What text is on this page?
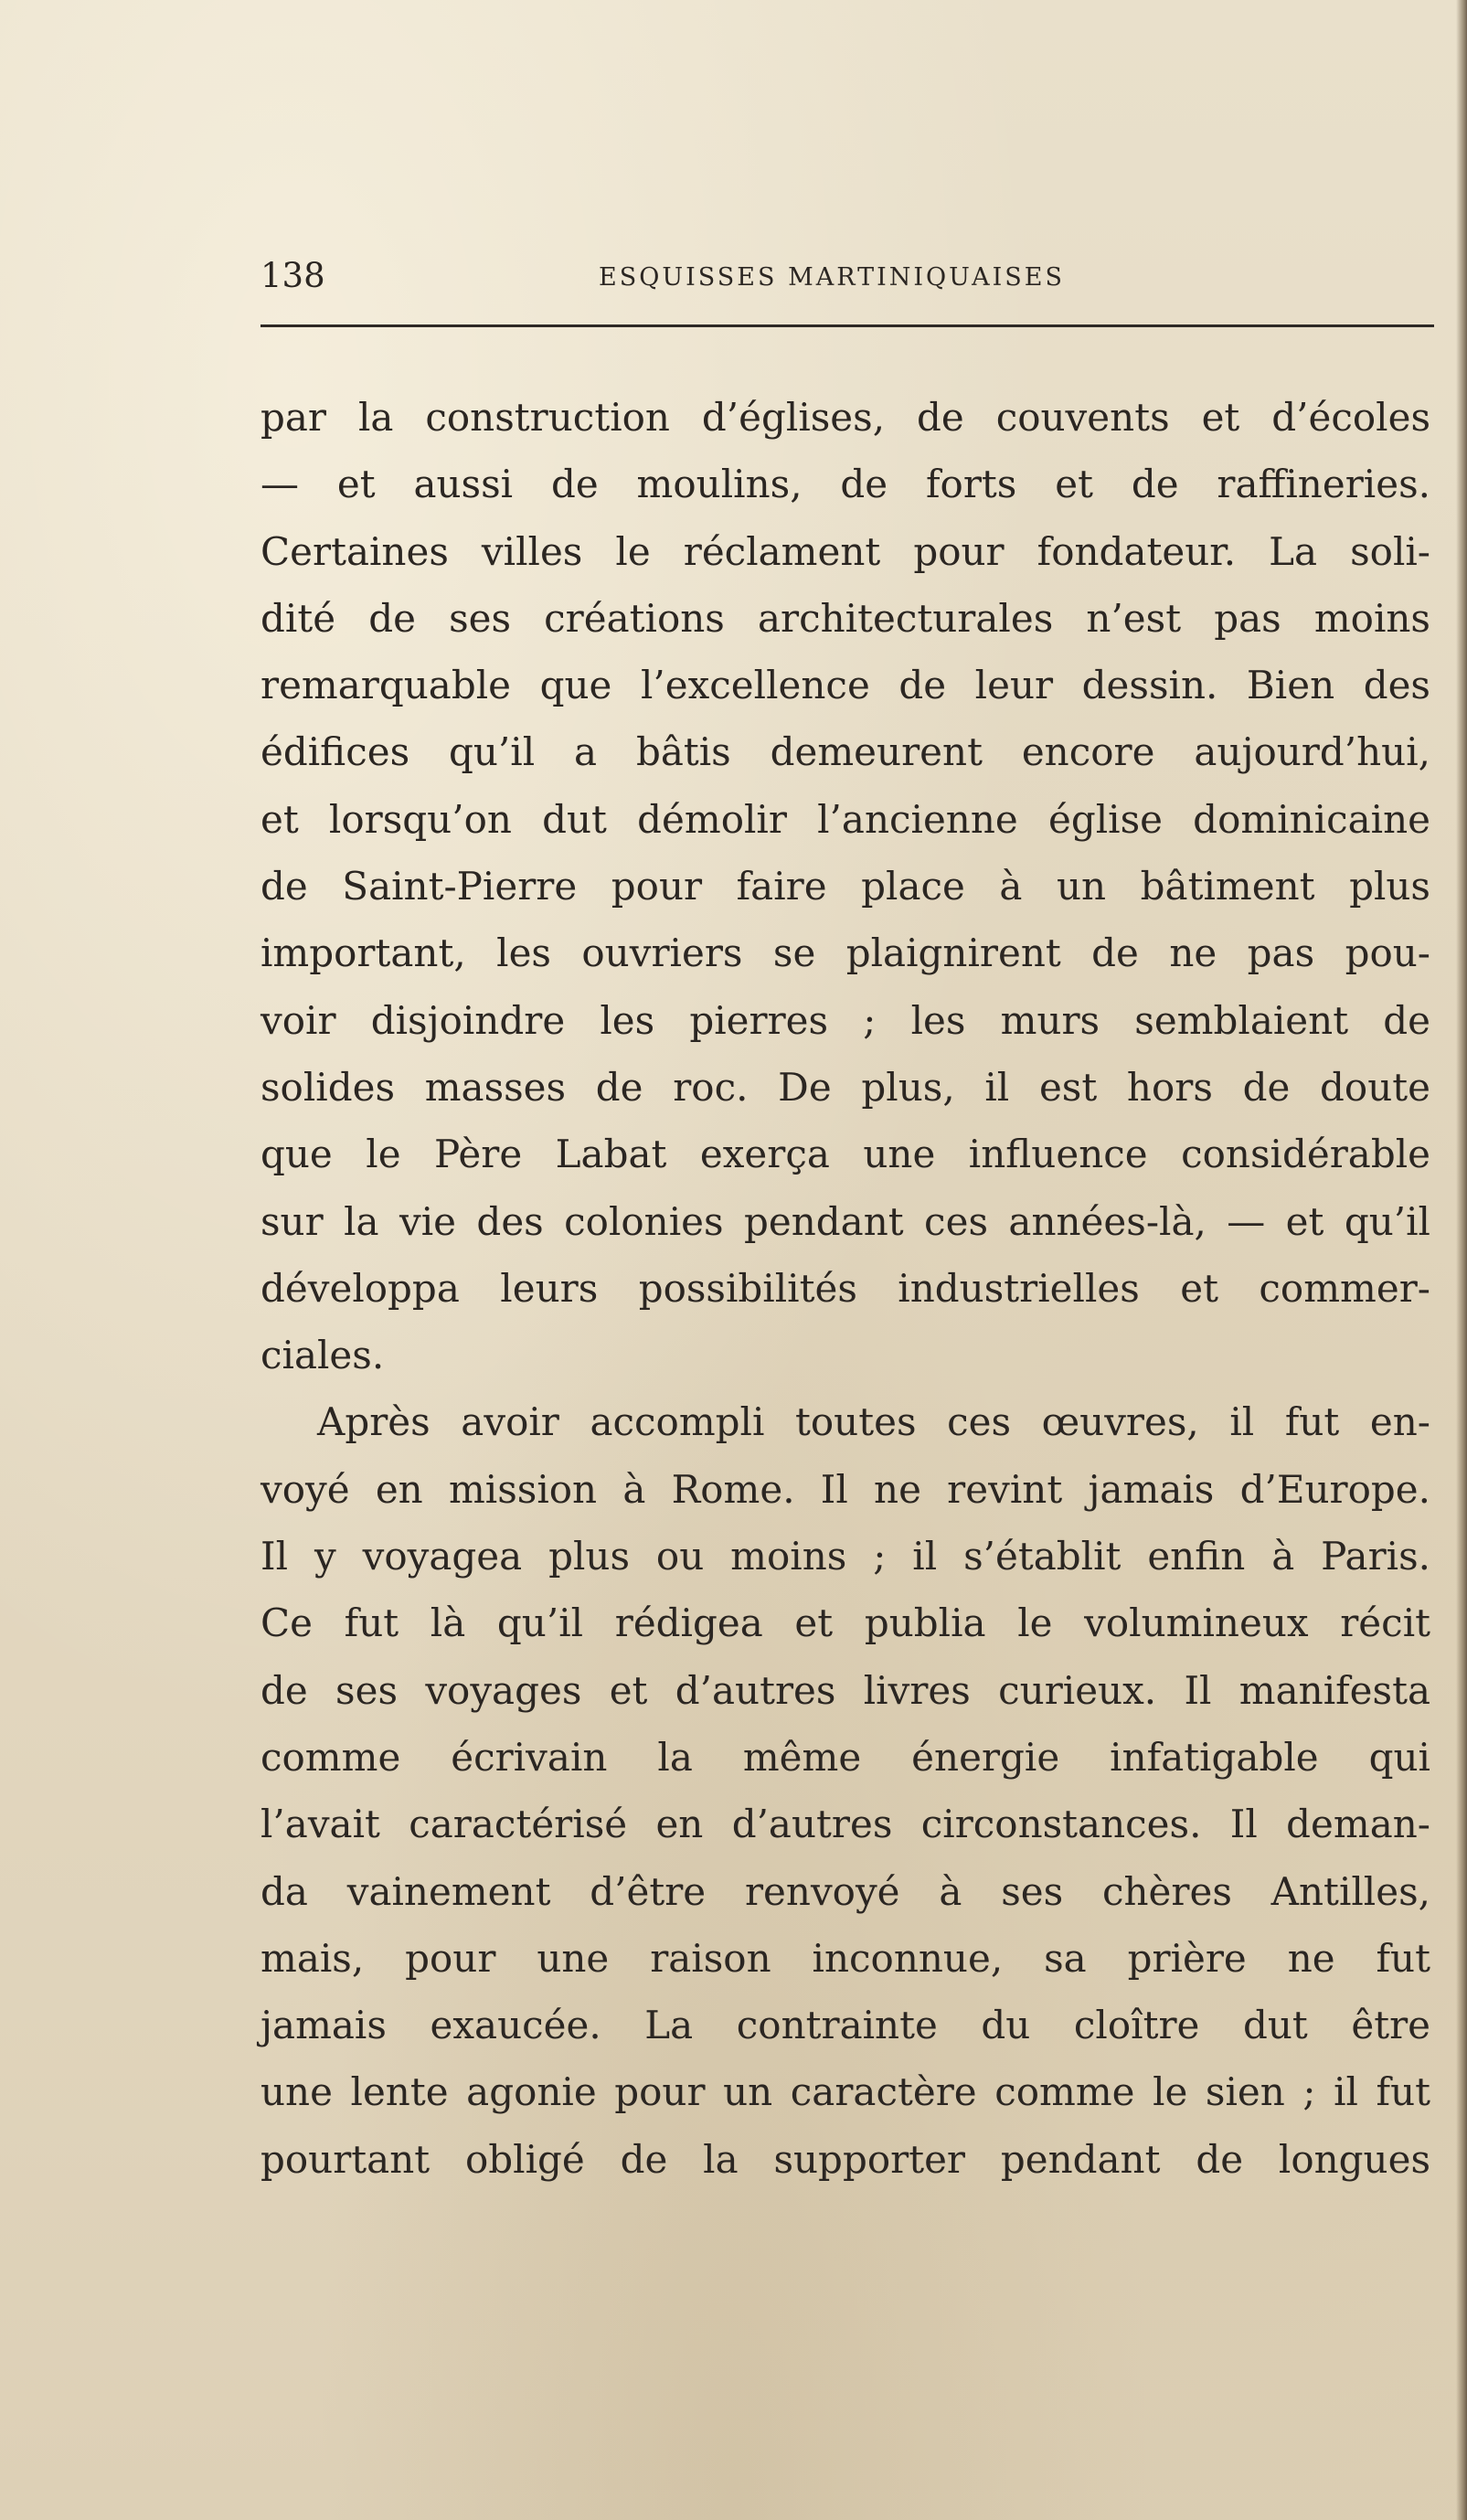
138	ESQUISSES MARTINIQUAISES
par la construction d’églises, de couvents et d’écoles
— et aussi de moulins, de forts et de raffineries.
Certaines villes le réclament pour fondateur. La soli-
dité de ses créations architecturales n’est pas moins
remarquable que l’excellence de leur dessin. Bien des
édifices qu’il a bâtis demeurent encore aujourd’hui,
et lorsqu’on dut démolir l’ancienne église dominicaine
de Saint-Pierre pour faire place à un bâtiment plus
important, les ouvriers se plaignirent de ne pas pou-
voir disjoindre les pierres ; les murs semblaient de
solides masses de roc. De plus, il est hors de doute
que le Père Labat exerça une influence considérable
sur la vie des colonies pendant ces années-là, — et qu’il
développa leurs possibilités industrielles et commer-
ciales.
Après avoir accompli toutes ces œuvres, il fut en-
voyé en mission à Rome. Il ne revint jamais d’Europe.
Il y voyagea plus ou moins ; il s’établit enfin à Paris.
Ce fut là qu’il rédigea et publia le volumineux récit
de ses voyages et d’autres livres curieux. Il manifesta
comme écrivain la même énergie infatigable qui
l’avait caractérisé en d’autres circonstances. Il deman-
da vainement d’être renvoyé à ses chères Antilles,
mais, pour une raison inconnue, sa prière ne fut
jamais exaucée. La contrainte du cloître dut être
une lente agonie pour un caractère comme le sien ; il fut
pourtant obligé de la supporter pendant de longues
